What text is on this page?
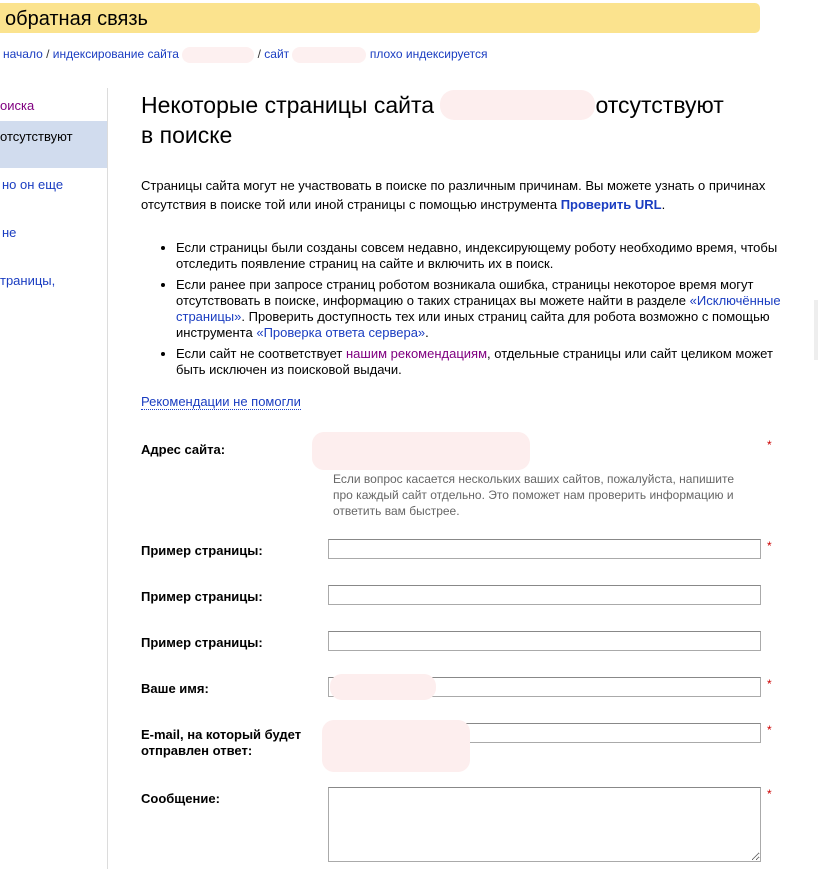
обратная связь
начало / индексирование сайта	/ сайт	плохо индексируется
оиска
отсутствуют
но он еще
не
траницы,
Некоторые страницы сайта	отсутствуют
в поиске
Страницы сайта могут не участвовать в поиске по различным причинам. Вы можете узнать о причинах отсутствия в поиске той или иной страницы с помощью инструмента Проверить URL.
• Если страницы были созданы совсем недавно, индексирующему роботу необходимо время, чтобы отследить появление страниц на сайте и включить их в поиск.
• Если ранее при запросе страниц роботом возникала ошибка, страницы некоторое время могут отсутствовать в поиске, информацию о таких страницах вы можете найти в разделе «Исключённые страницы». Проверить доступность тех или иных страниц сайта для робота возможно с помощью инструмента «Проверка ответа сервера».
• Если сайт не соответствует нашим рекомендациям, отдельные страницы или сайт целиком может быть исключен из поисковой выдачи.
Рекомендации не помогли
Адрес сайта:	*
Если вопрос касается нескольких ваших сайтов, пожалуйста, напишите про каждый сайт отдельно. Это поможет нам проверить информацию и ответить вам быстрее.
Пример страницы:	*
Пример страницы:
Пример страницы:
Ваше имя:	*
E-mail, на который будет отправлен ответ:
*
Сообщение:	*
